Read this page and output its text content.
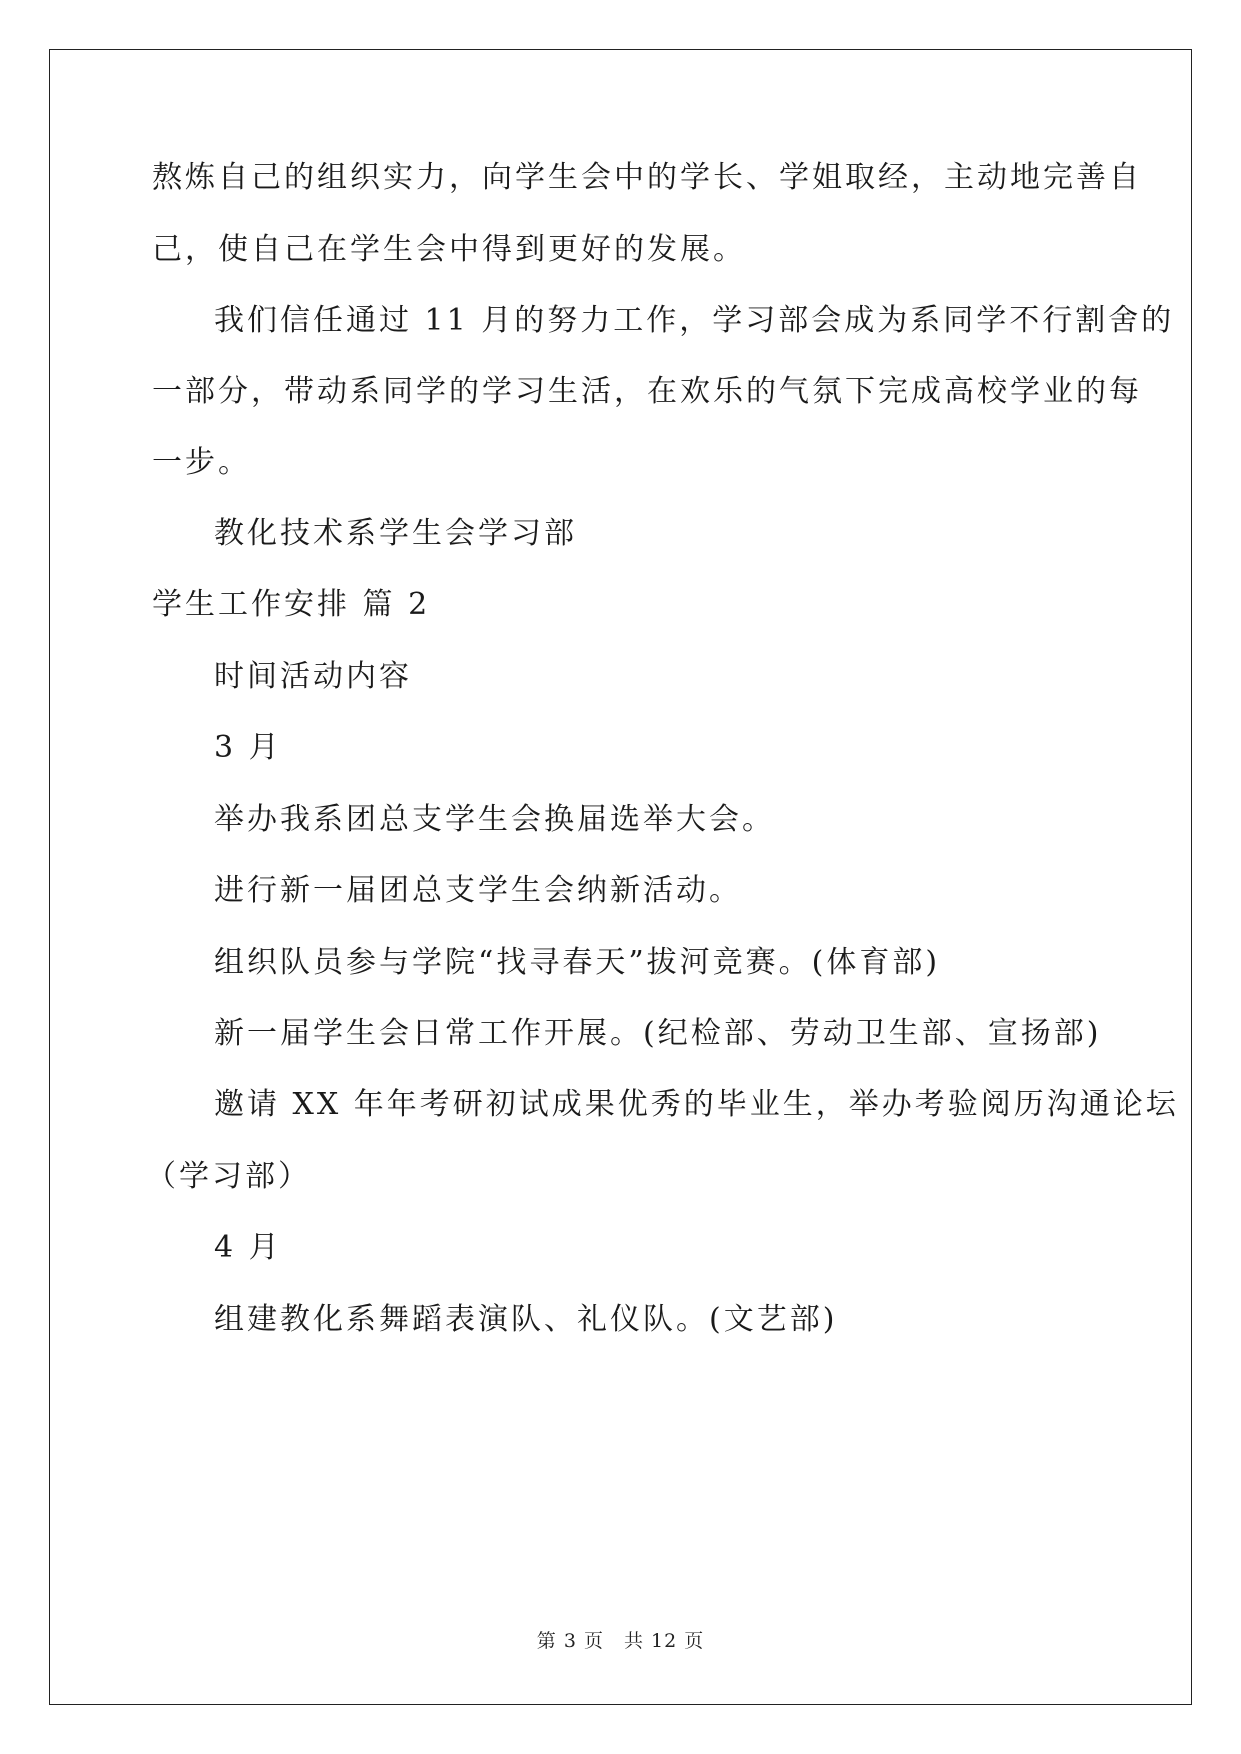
熬炼自己的组织实力，向学生会中的学长、学姐取经，主动地完善自
己，使自己在学生会中得到更好的发展。
我们信任通过 11 月的努力工作，学习部会成为系同学不行割舍的
一部分，带动系同学的学习生活，在欢乐的气氛下完成高校学业的每
一步。
教化技术系学生会学习部
学生工作安排 篇 2
时间活动内容
3 月
举办我系团总支学生会换届选举大会。
进行新一届团总支学生会纳新活动。
组织队员参与学院“找寻春天”拔河竞赛。(体育部)
新一届学生会日常工作开展。(纪检部、劳动卫生部、宣扬部)
邀请 XX 年年考研初试成果优秀的毕业生，举办考验阅历沟通论坛
（学习部）
4 月
组建教化系舞蹈表演队、礼仪队。(文艺部)
第 3 页　共 12 页
